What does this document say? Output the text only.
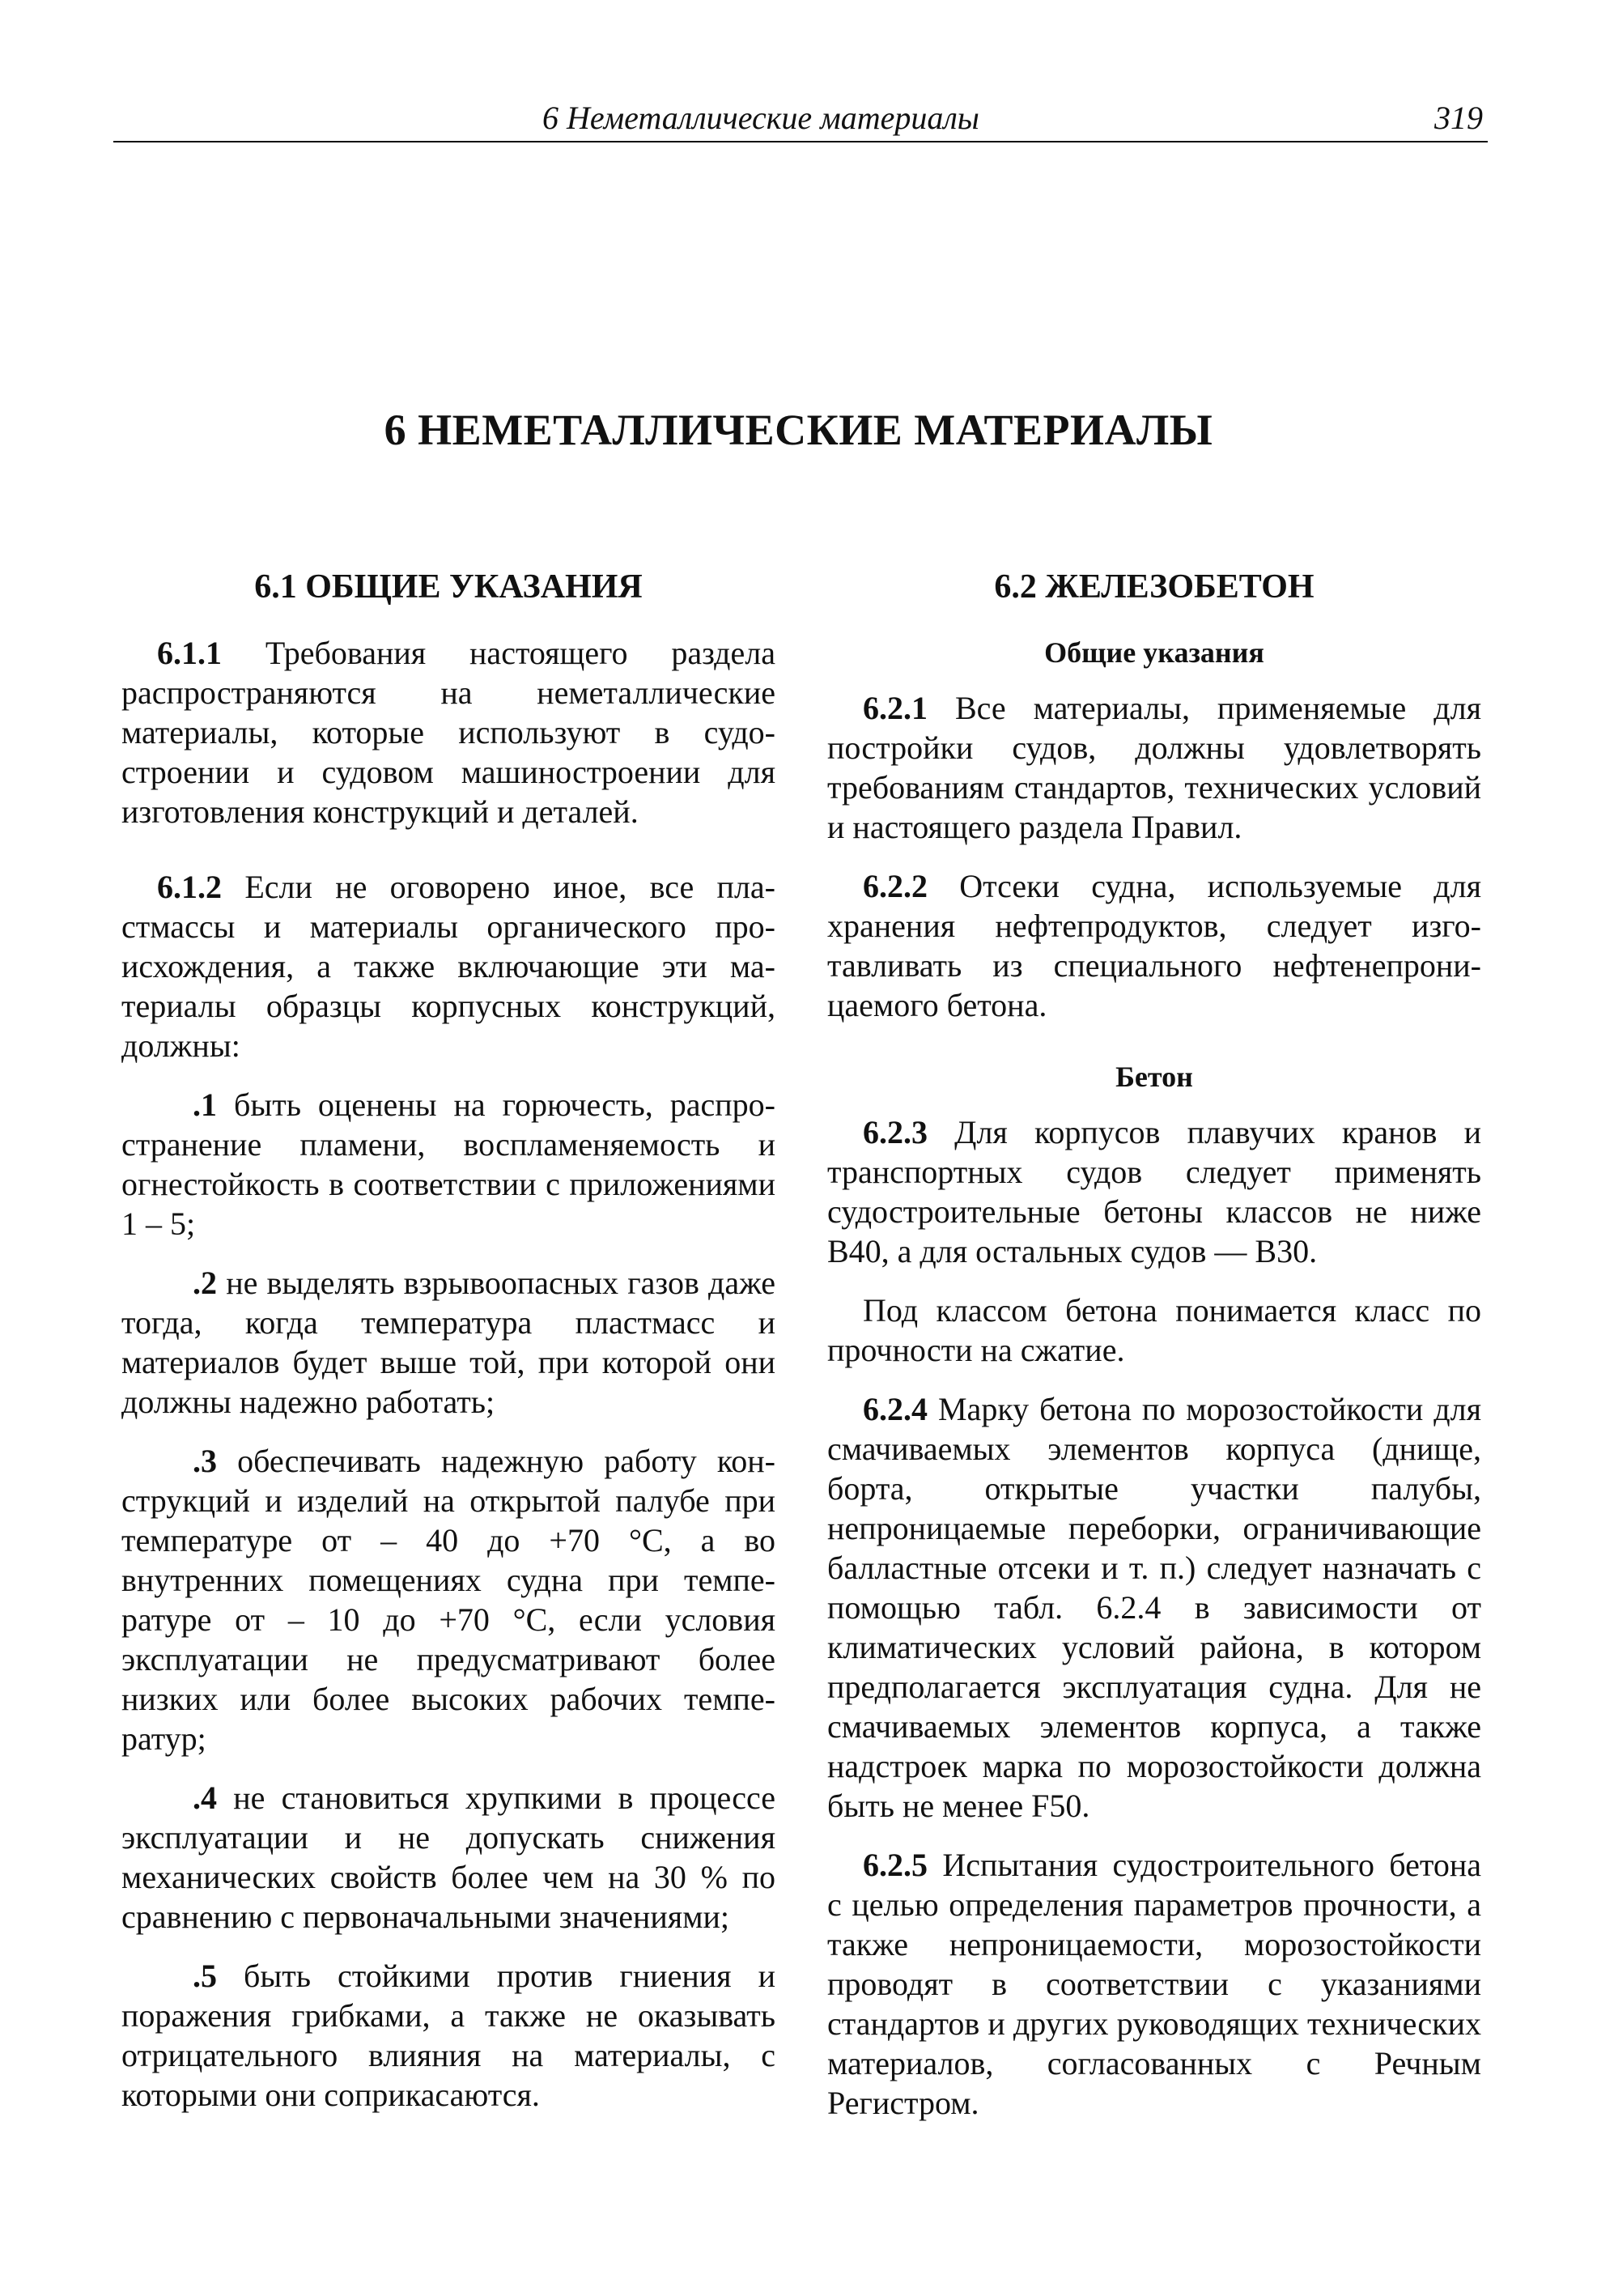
6 Неметаллические материалы	319
6 НЕМЕТАЛЛИЧЕСКИЕ МАТЕРИАЛЫ
6.1 ОБЩИЕ УКАЗАНИЯ

6.1.1 Требования настоящего раздела распространяются на неметаллические материалы, которые используют в судостроении и судовом машиностроении для изготовления конструкций и деталей.

6.1.2 Если не оговорено иное, все пластмассы и материалы органического происхождения, а также включающие эти материалы образцы корпусных конструкций, должны:

.1 быть оценены на горючесть, распространение пламени, воспламеняемость и огнестойкость в соответствии с приложениями 1 – 5;

.2 не выделять взрывоопасных газов даже тогда, когда температура пластмасс и материалов будет выше той, при которой они должны надежно работать;

.3 обеспечивать надежную работу конструкций и изделий на открытой палубе при температуре от – 40 до +70 °С, а во внутренних помещениях судна при температуре от – 10 до +70 °С, если условия эксплуатации не предусматривают более низких или более высоких рабочих температур;

.4 не становиться хрупкими в процессе эксплуатации и не допускать снижения механических свойств более чем на 30 % по сравнению с первоначальными значениями;

.5 быть стойкими против гниения и поражения грибками, а также не оказывать отрицательного влияния на материалы, с которыми они соприкасаются.

6.2 ЖЕЛЕЗОБЕТОН
Общие указания

6.2.1 Все материалы, применяемые для постройки судов, должны удовлетворять требованиям стандартов, технических условий и настоящего раздела Правил.

6.2.2 Отсеки судна, используемые для хранения нефтепродуктов, следует изготавливать из специального нефтенепроницаемого бетона.

Бетон

6.2.3 Для корпусов плавучих кранов и транспортных судов следует применять судостроительные бетоны классов не ниже В40, а для остальных судов — В30.

Под классом бетона понимается класс по прочности на сжатие.

6.2.4 Марку бетона по морозостойкости для смачиваемых элементов корпуса (днище, борта, открытые участки палубы, непроницаемые переборки, ограничивающие балластные отсеки и т. п.) следует назначать с помощью табл. 6.2.4 в зависимости от климатических условий района, в котором предполагается эксплуатация судна. Для не смачиваемых элементов корпуса, а также надстроек марка по морозостойкости должна быть не менее F50.

6.2.5 Испытания судостроительного бетона с целью определения параметров прочности, а также непроницаемости, морозостойкости проводят в соответствии с указаниями стандартов и других руководящих технических материалов, согласованных с Речным Регистром.
